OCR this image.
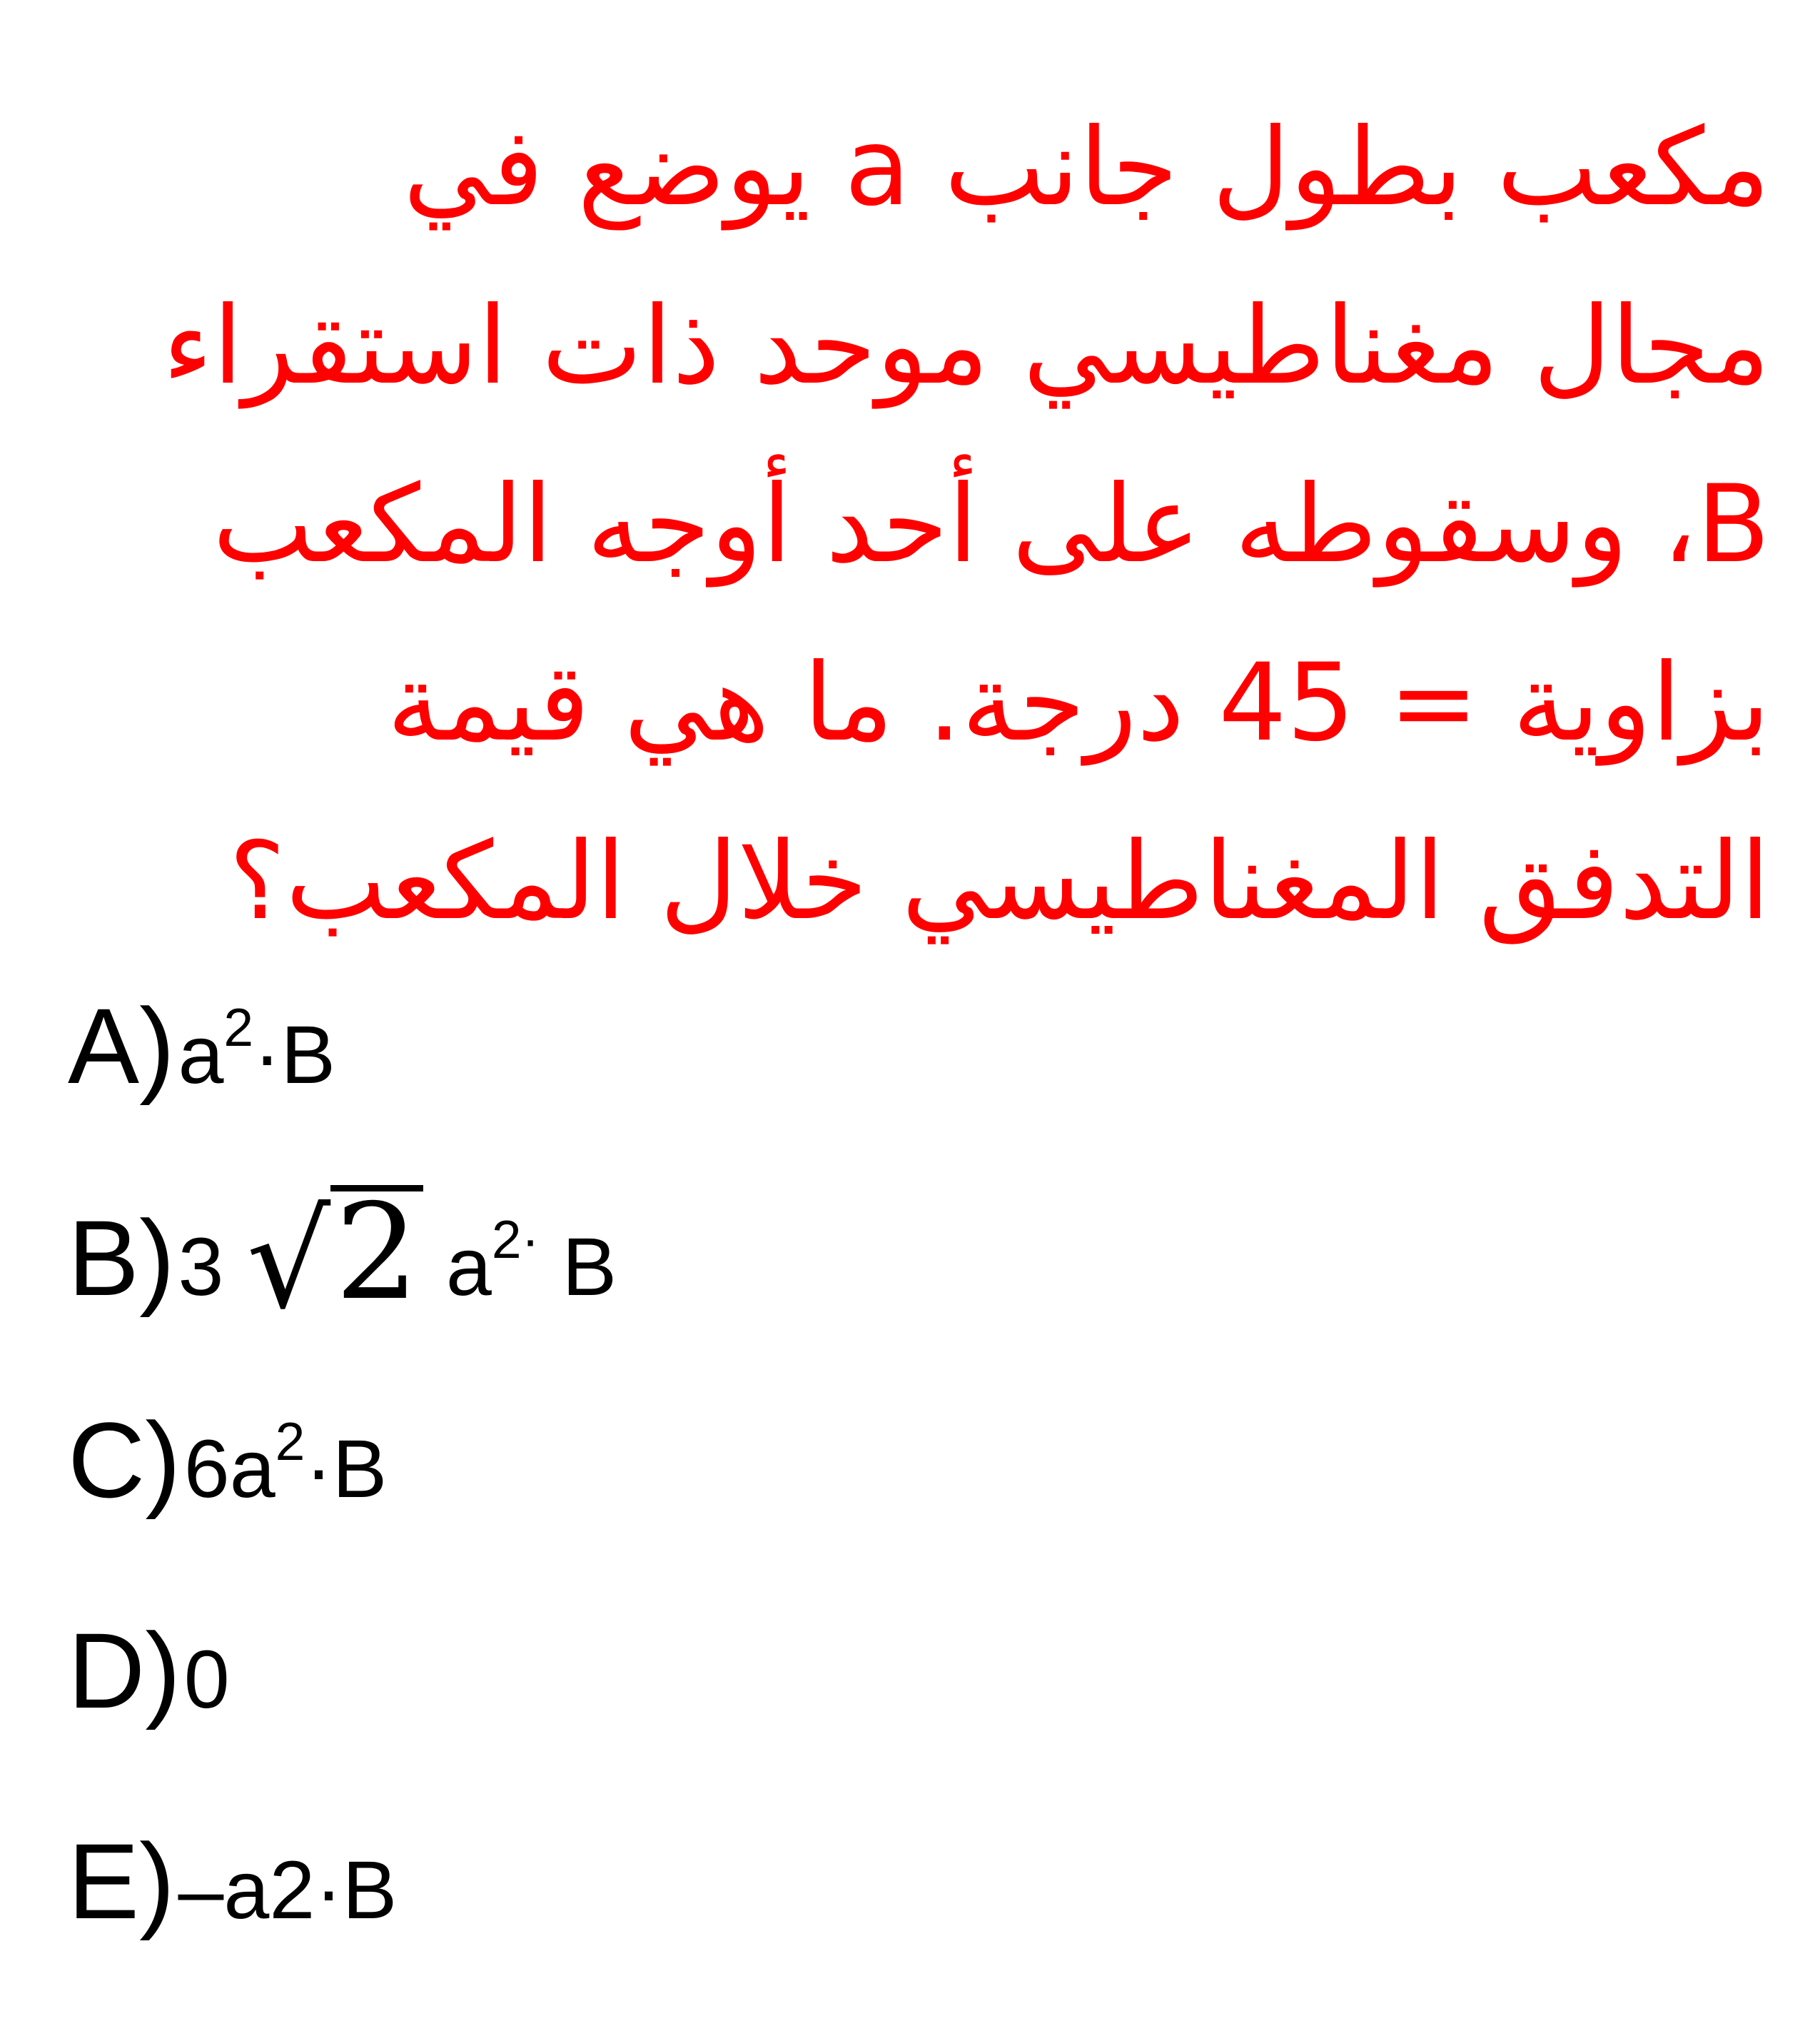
مكعب بطول جانب a يوضع في
مجال مغناطيسي موحد ذات استقراء
B، وسقوطه على أحد أوجه المكعب
بزاوية = 45 درجة. ما هي قيمة
التدفق المغناطيسي خلال المكعب؟
A) $a^2\cdot B$
B) 3 √2 $a^{2\cdot}$ B
C) $6a^2\cdot B$
D) 0
E) –a2·B
